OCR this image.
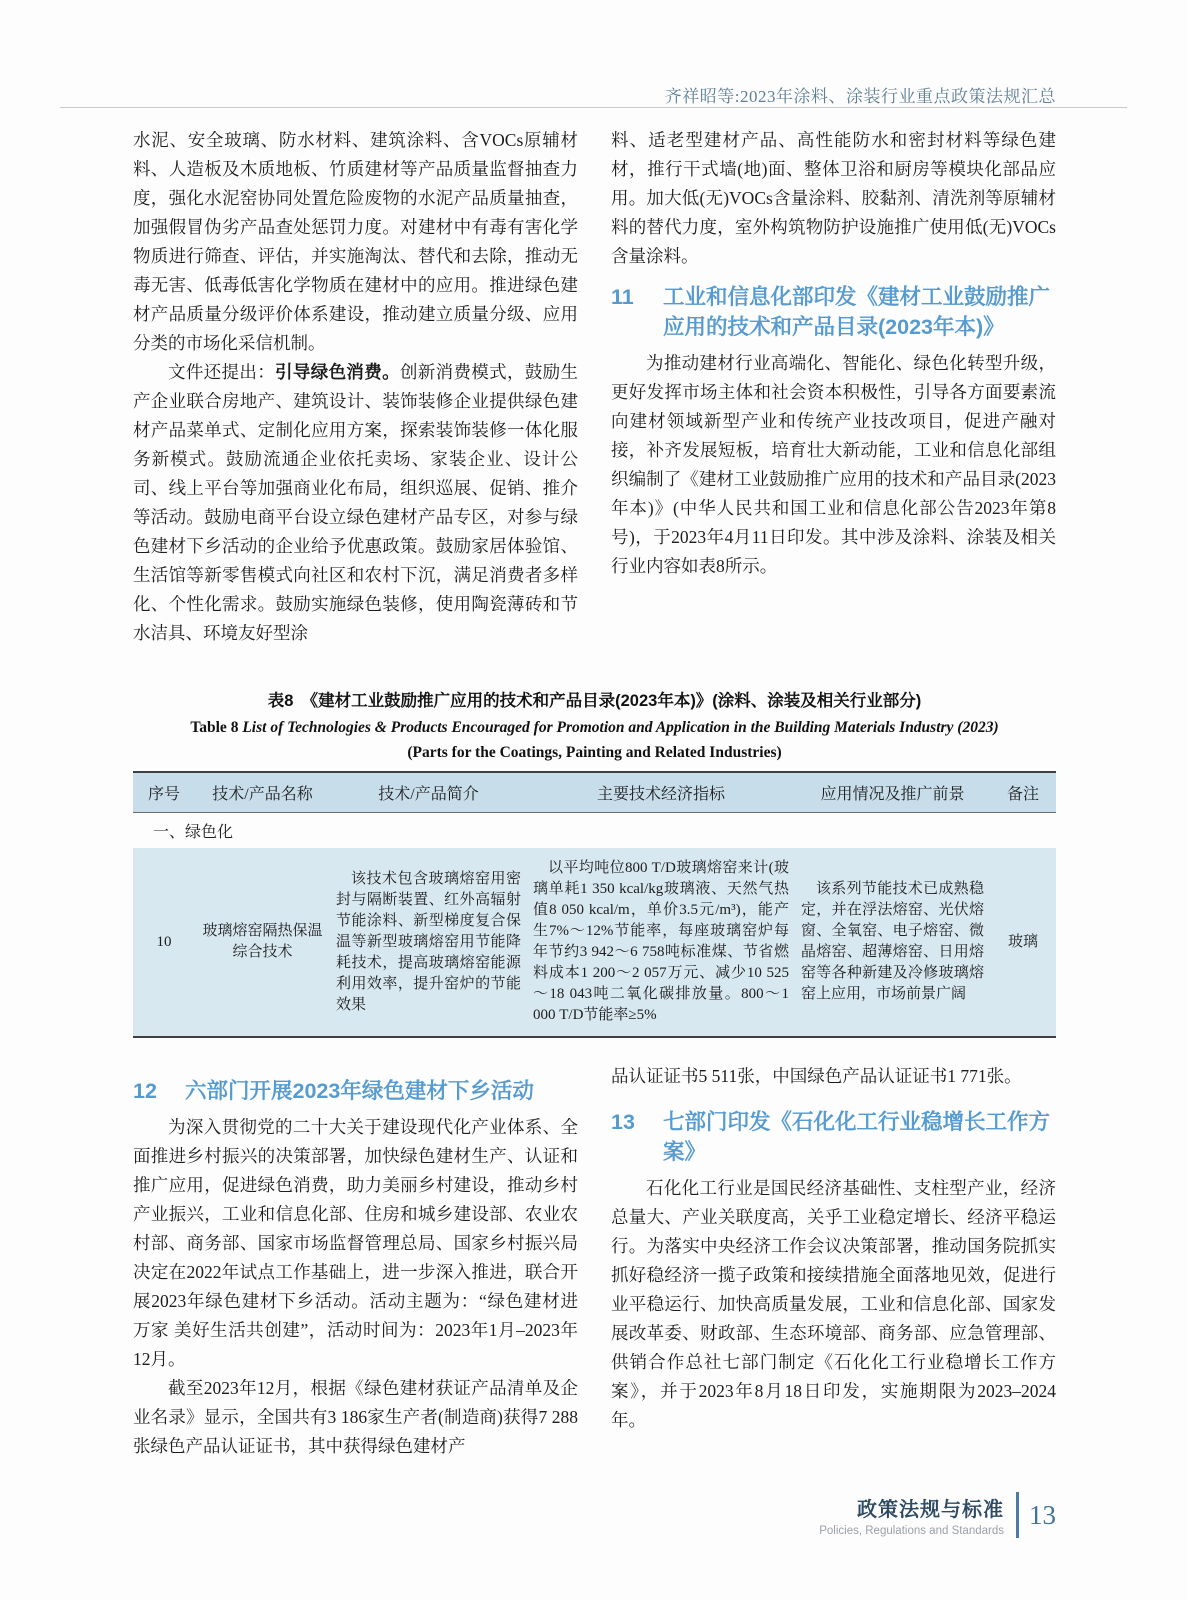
齐祥昭等:2023年涂料、涂装行业重点政策法规汇总

水泥、安全玻璃、防水材料、建筑涂料、含VOCs原辅材料、人造板及木质地板、竹质建材等产品质量监督抽查力度，强化水泥窑协同处置危险废物的水泥产品质量抽查，加强假冒伪劣产品查处惩罚力度。对建材中有毒有害化学物质进行筛查、评估，并实施淘汰、替代和去除，推动无毒无害、低毒低害化学物质在建材中的应用。推进绿色建材产品质量分级评价体系建设，推动建立质量分级、应用分类的市场化采信机制。

文件还提出：引导绿色消费。创新消费模式，鼓励生产企业联合房地产、建筑设计、装饰装修企业提供绿色建材产品菜单式、定制化应用方案，探索装饰装修一体化服务新模式。鼓励流通企业依托卖场、家装企业、设计公司、线上平台等加强商业化布局，组织巡展、促销、推介等活动。鼓励电商平台设立绿色建材产品专区，对参与绿色建材下乡活动的企业给予优惠政策。鼓励家居体验馆、生活馆等新零售模式向社区和农村下沉，满足消费者多样化、个性化需求。鼓励实施绿色装修，使用陶瓷薄砖和节水洁具、环境友好型涂

料、适老型建材产品、高性能防水和密封材料等绿色建材，推行干式墙(地)面、整体卫浴和厨房等模块化部品应用。加大低(无)VOCs含量涂料、胶黏剂、清洗剂等原辅材料的替代力度，室外构筑物防护设施推广使用低(无)VOCs含量涂料。

11	工业和信息化部印发《建材工业鼓励推广应用的技术和产品目录(2023年本)》

为推动建材行业高端化、智能化、绿色化转型升级，更好发挥市场主体和社会资本积极性，引导各方面要素流向建材领域新型产业和传统产业技改项目，促进产融对接，补齐发展短板，培育壮大新动能，工业和信息化部组织编制了《建材工业鼓励推广应用的技术和产品目录(2023年本)》(中华人民共和国工业和信息化部公告2023年第8号)，于2023年4月11日印发。其中涉及涂料、涂装及相关行业内容如表8所示。

表8　《建材工业鼓励推广应用的技术和产品目录(2023年本)》(涂料、涂装及相关行业部分)
Table 8 List of Technologies & Products Encouraged for Promotion and Application in the Building Materials Industry (2023)
(Parts for the Coatings, Painting and Related Industries)
序号	技术/产品名称	技术/产品简介	主要技术经济指标	应用情况及推广前景	备注
一、绿色化					
10	玻璃熔窑隔热保温综合技术	该技术包含玻璃熔窑用密封与隔断装置、红外高辐射节能涂料、新型梯度复合保温等新型玻璃熔窑用节能降耗技术，提高玻璃熔窑能源利用效率，提升窑炉的节能效果	以平均吨位800 T/D玻璃熔窑来计(玻璃单耗1 350 kcal/kg玻璃液、天然气热值8 050 kcal/m，单价3.5元/m³)，能产生7%～12%节能率，每座玻璃窑炉每年节约3 942～6 758吨标准煤、节省燃料成本1 200～2 057万元、减少10 525～18 043吨二氧化碳排放量。800～1 000 T/D节能率≥5%	该系列节能技术已成熟稳定，并在浮法熔窑、光伏熔窗、全氧窑、电子熔窑、微晶熔窑、超薄熔窑、日用熔窑等各种新建及冷修玻璃熔窑上应用，市场前景广阔	玻璃
12	六部门开展2023年绿色建材下乡活动

为深入贯彻党的二十大关于建设现代化产业体系、全面推进乡村振兴的决策部署，加快绿色建材生产、认证和推广应用，促进绿色消费，助力美丽乡村建设，推动乡村产业振兴，工业和信息化部、住房和城乡建设部、农业农村部、商务部、国家市场监督管理总局、国家乡村振兴局决定在2022年试点工作基础上，进一步深入推进，联合开展2023年绿色建材下乡活动。活动主题为：“绿色建材进万家 美好生活共创建”，活动时间为：2023年1月–2023年12月。

截至2023年12月，根据《绿色建材获证产品清单及企业名录》显示，全国共有3 186家生产者(制造商)获得7 288张绿色产品认证证书，其中获得绿色建材产

品认证证书5 511张，中国绿色产品认证证书1 771张。

13	七部门印发《石化化工行业稳增长工作方案》

石化化工行业是国民经济基础性、支柱型产业，经济总量大、产业关联度高，关乎工业稳定增长、经济平稳运行。为落实中央经济工作会议决策部署，推动国务院抓实抓好稳经济一揽子政策和接续措施全面落地见效，促进行业平稳运行、加快高质量发展，工业和信息化部、国家发展改革委、财政部、生态环境部、商务部、应急管理部、供销合作总社七部门制定《石化化工行业稳增长工作方案》，并于2023年8月18日印发，实施期限为2023–2024年。

政策法规与标准
Policies, Regulations and Standards
13
